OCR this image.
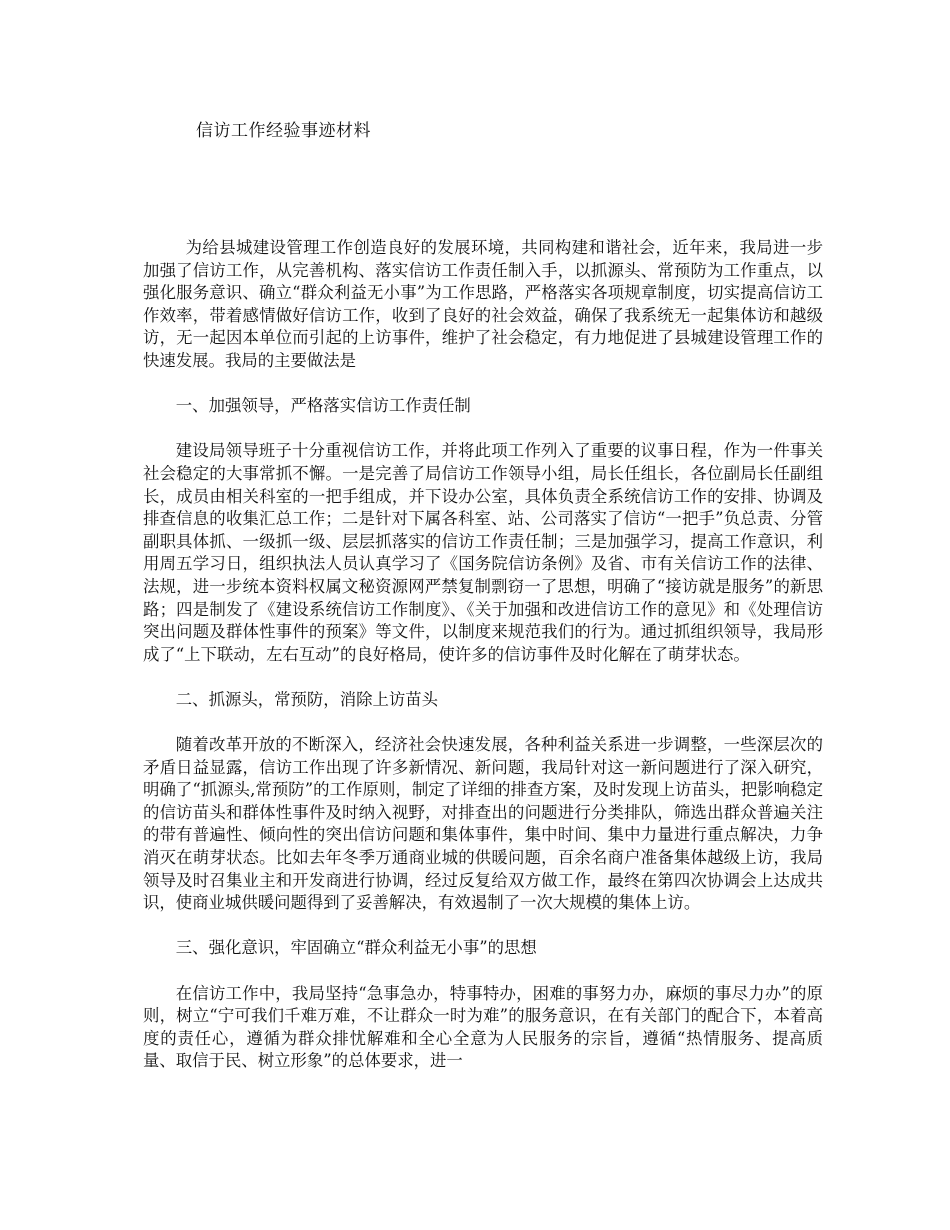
信访工作经验事迹材料

为给县城建设管理工作创造良好的发展环境，共同构建和谐社会，近年来，我局进一步加强了信访工作，从完善机构、落实信访工作责任制入手，以抓源头、常预防为工作重点，以强化服务意识、确立“群众利益无小事”为工作思路，严格落实各项规章制度，切实提高信访工作效率，带着感情做好信访工作，收到了良好的社会效益，确保了我系统无一起集体访和越级访，无一起因本单位而引起的上访事件，维护了社会稳定，有力地促进了县城建设管理工作的快速发展。我局的主要做法是

一、加强领导，严格落实信访工作责任制

建设局领导班子十分重视信访工作，并将此项工作列入了重要的议事日程，作为一件事关社会稳定的大事常抓不懈。一是完善了局信访工作领导小组，局长任组长，各位副局长任副组长，成员由相关科室的一把手组成，并下设办公室，具体负责全系统信访工作的安排、协调及排查信息的收集汇总工作；二是针对下属各科室、站、公司落实了信访“一把手”负总责、分管副职具体抓、一级抓一级、层层抓落实的信访工作责任制；三是加强学习，提高工作意识，利用周五学习日，组织执法人员认真学习了《国务院信访条例》及省、市有关信访工作的法律、法规，进一步统本资料权属文秘资源网严禁复制剽窃一了思想，明确了“接访就是服务”的新思路；四是制发了《建设系统信访工作制度》、《关于加强和改进信访工作的意见》和《处理信访突出问题及群体性事件的预案》等文件，以制度来规范我们的行为。通过抓组织领导，我局形成了“上下联动，左右互动”的良好格局，使许多的信访事件及时化解在了萌芽状态。

二、抓源头，常预防，消除上访苗头

随着改革开放的不断深入，经济社会快速发展，各种利益关系进一步调整，一些深层次的矛盾日益显露，信访工作出现了许多新情况、新问题，我局针对这一新问题进行了深入研究，明确了“抓源头,常预防”的工作原则，制定了详细的排查方案，及时发现上访苗头，把影响稳定的信访苗头和群体性事件及时纳入视野，对排查出的问题进行分类排队，筛选出群众普遍关注的带有普遍性、倾向性的突出信访问题和集体事件，集中时间、集中力量进行重点解决，力争消灭在萌芽状态。比如去年冬季万通商业城的供暖问题，百余名商户准备集体越级上访，我局领导及时召集业主和开发商进行协调，经过反复给双方做工作，最终在第四次协调会上达成共识，使商业城供暖问题得到了妥善解决，有效遏制了一次大规模的集体上访。

三、强化意识，牢固确立“群众利益无小事”的思想

在信访工作中，我局坚持“急事急办，特事特办，困难的事努力办，麻烦的事尽力办”的原则，树立“宁可我们千难万难，不让群众一时为难”的服务意识，在有关部门的配合下，本着高度的责任心，遵循为群众排忧解难和全心全意为人民服务的宗旨，遵循“热情服务、提高质量、取信于民、树立形象”的总体要求，进一
